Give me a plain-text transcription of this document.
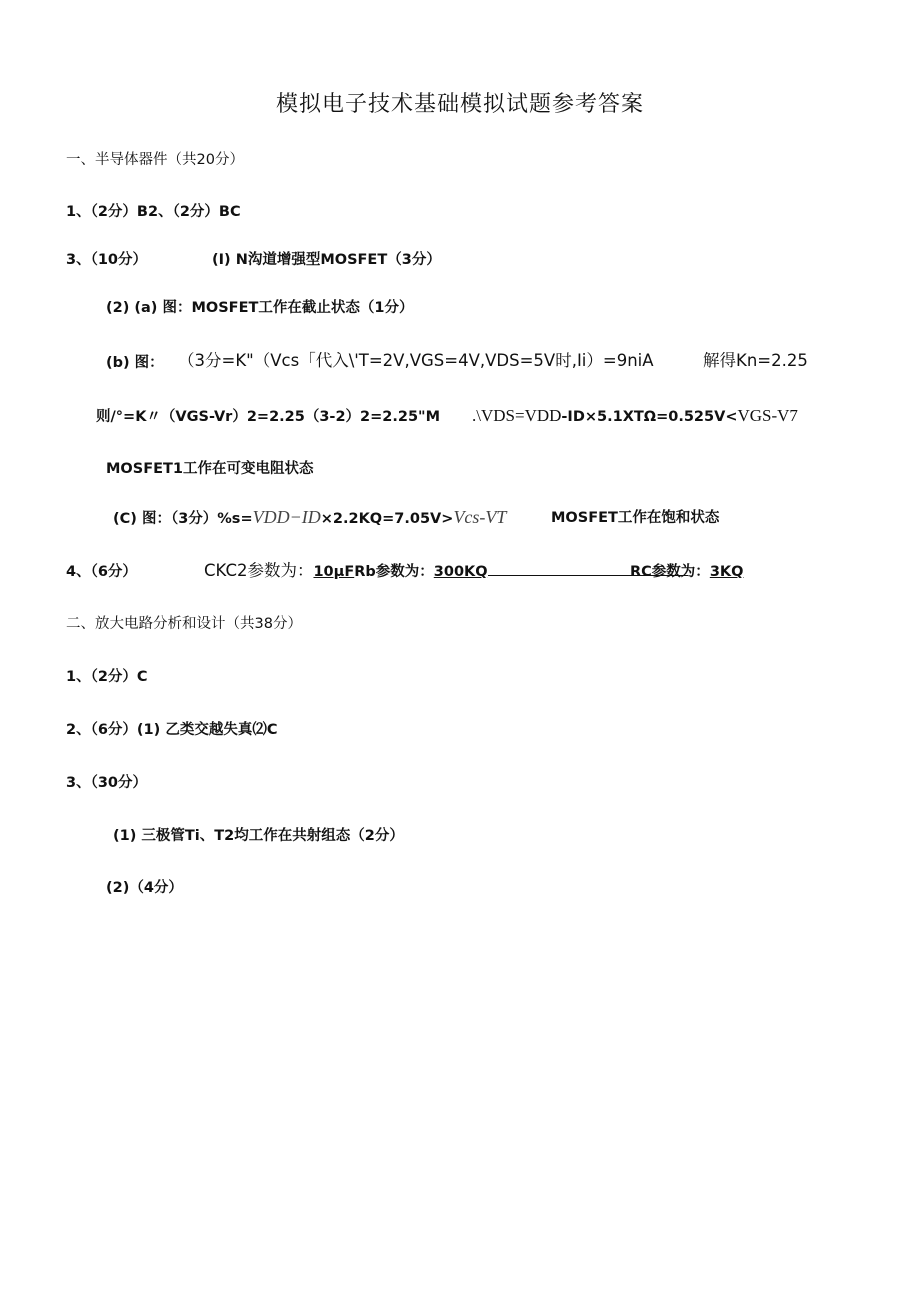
模拟电子技术基础模拟试题参考答案
一、半导体器件（共20分）
1、（2分）B2、（2分）BC
3、（10分）	(I) N沟道增强型MOSFET（3分）
(2) (a) 图：MOSFET工作在截止状态（1分）
(b) 图： （3分=K"（Vcs「代入\'T=2V,VGS=4V,VDS=5V时,Ii）=9niA	解得Kn=2.25
则/°=K〃（VGS-Vr）2=2.25（3-2）2=2.25"M .\VDS=VDD-ID×5.1XTΩ=0.525V<VGS-V7
MOSFET1工作在可变电阻状态
(C) 图：（3分）%s=VDD−ID×2.2KQ=7.05V>Vcs-VT	MOSFET工作在饱和状态
4、（6分）	CKC2参数为：10μFRb参数为：300KQ	RC参数为：3KQ
二、放大电路分析和设计（共38分）
1、（2分）C
2、（6分）(1) 乙类交越失真⑵C
3、（30分）
(1) 三极管Ti、T2均工作在共射组态（2分）
(2)（4分）
